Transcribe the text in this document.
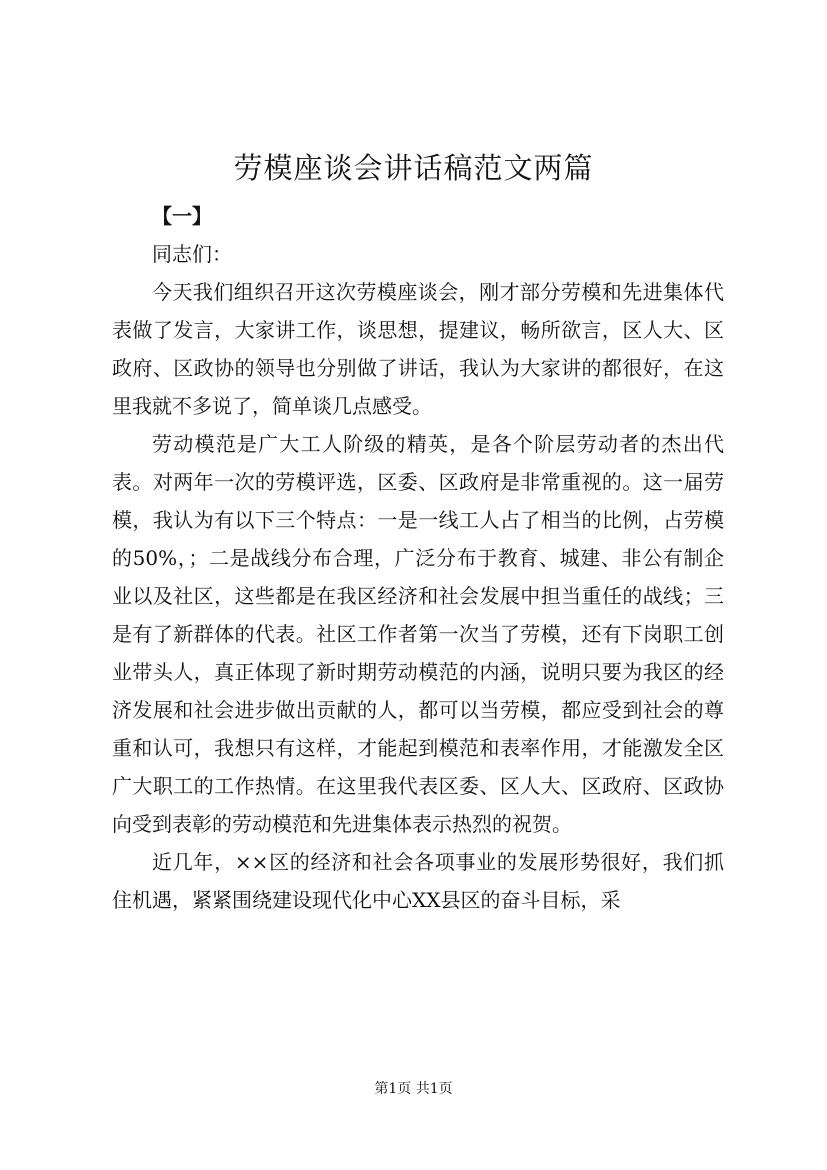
劳模座谈会讲话稿范文两篇

【一】

同志们：

今天我们组织召开这次劳模座谈会，刚才部分劳模和先进集体代表做了发言，大家讲工作，谈思想，提建议，畅所欲言，区人大、区政府、区政协的领导也分别做了讲话，我认为大家讲的都很好，在这里我就不多说了，简单谈几点感受。

劳动模范是广大工人阶级的精英，是各个阶层劳动者的杰出代表。对两年一次的劳模评选，区委、区政府是非常重视的。这一届劳模，我认为有以下三个特点：一是一线工人占了相当的比例，占劳模的50%，；二是战线分布合理，广泛分布于教育、城建、非公有制企业以及社区，这些都是在我区经济和社会发展中担当重任的战线；三是有了新群体的代表。社区工作者第一次当了劳模，还有下岗职工创业带头人，真正体现了新时期劳动模范的内涵，说明只要为我区的经济发展和社会进步做出贡献的人，都可以当劳模，都应受到社会的尊重和认可，我想只有这样，才能起到模范和表率作用，才能激发全区广大职工的工作热情。在这里我代表区委、区人大、区政府、区政协向受到表彰的劳动模范和先进集体表示热烈的祝贺。

近几年，××区的经济和社会各项事业的发展形势很好，我们抓住机遇，紧紧围绕建设现代化中心XX县区的奋斗目标，采

第1页 共1页
